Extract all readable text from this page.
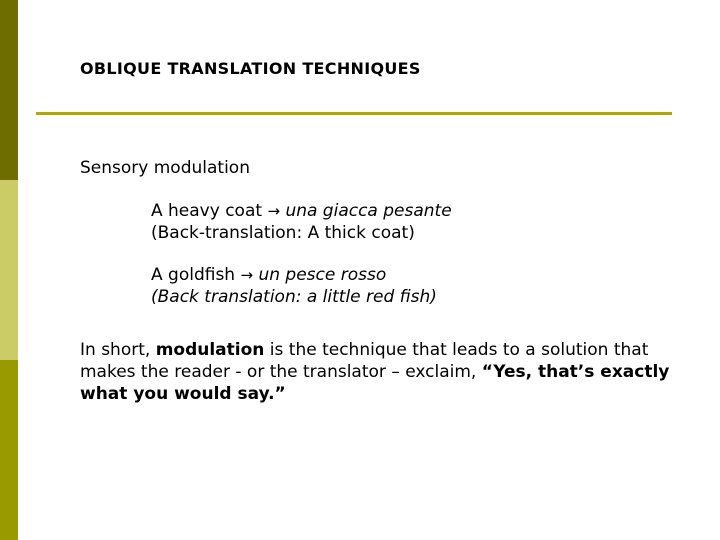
OBLIQUE TRANSLATION TECHNIQUES

Sensory modulation

A heavy coat → una giacca pesante
(Back-translation: A thick coat)
A goldfish → un pesce rosso
(Back translation: a little red fish)

In short, modulation is the technique that leads to a solution that makes the reader - or the translator – exclaim, “Yes, that’s exactly what you would say.”
